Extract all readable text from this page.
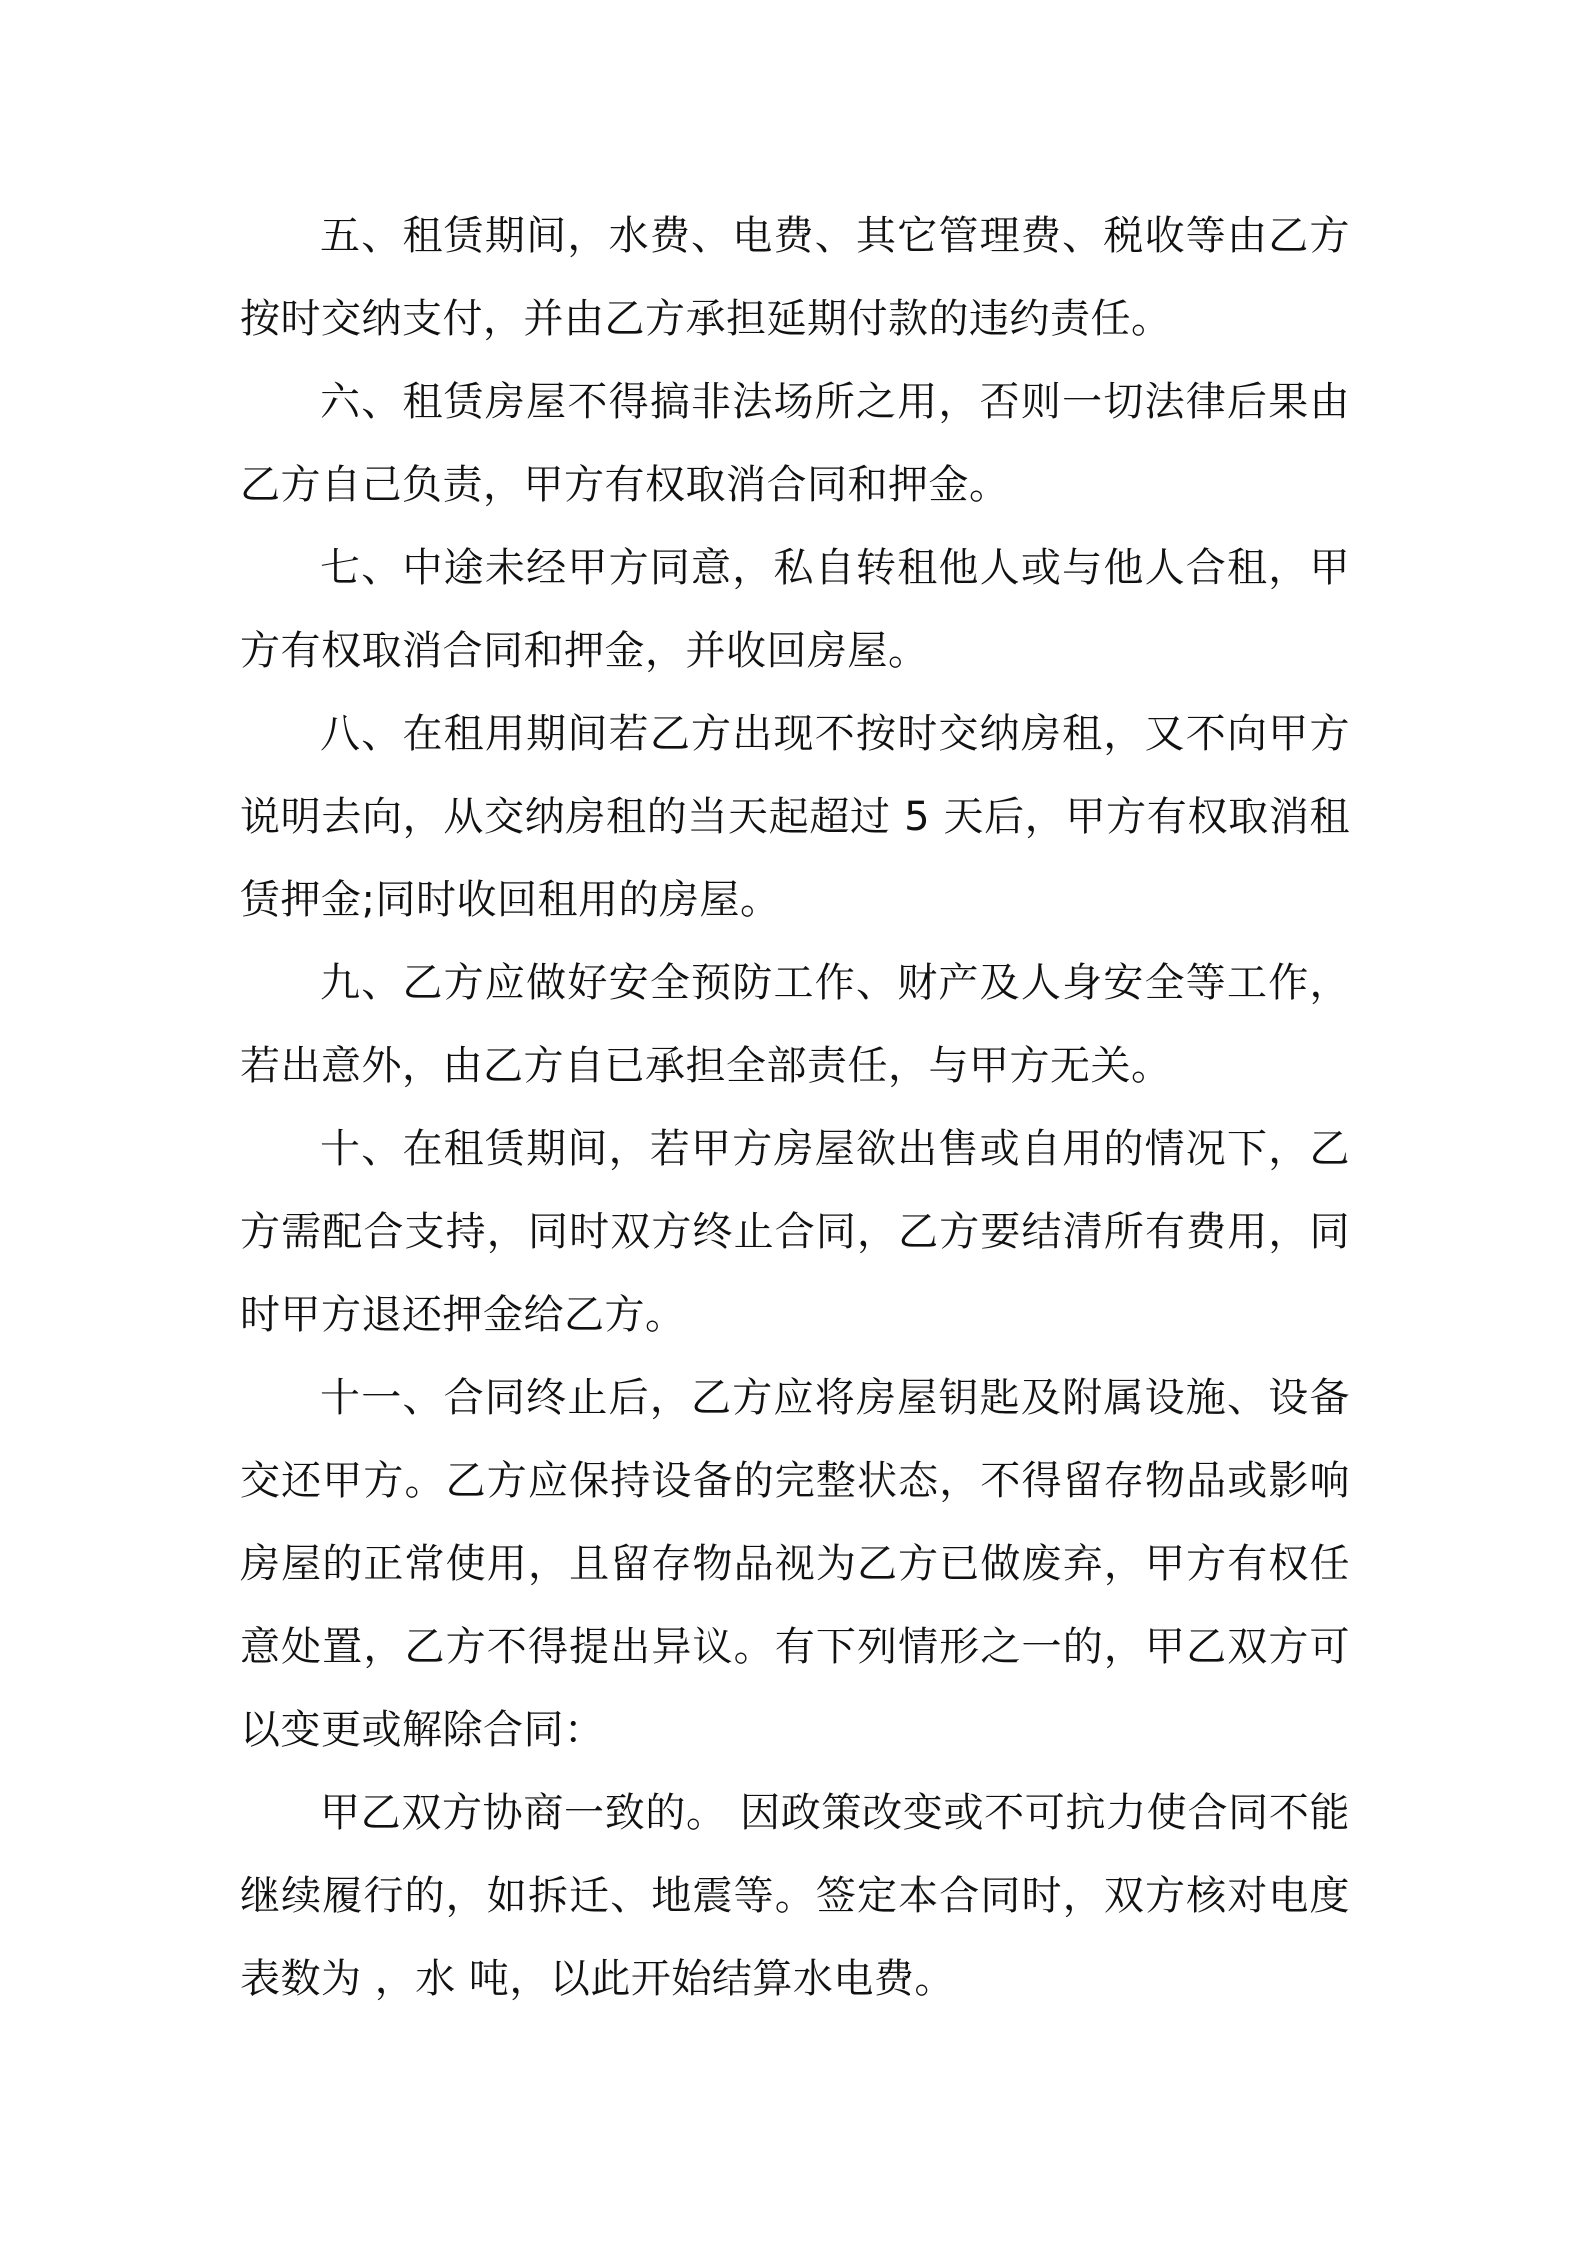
五、租赁期间，水费、电费、其它管理费、税收等由乙方按时交纳支付，并由乙方承担延期付款的违约责任。

六、租赁房屋不得搞非法场所之用，否则一切法律后果由乙方自己负责，甲方有权取消合同和押金。

七、中途未经甲方同意，私自转租他人或与他人合租，甲方有权取消合同和押金，并收回房屋。

八、在租用期间若乙方出现不按时交纳房租，又不向甲方说明去向，从交纳房租的当天起超过 5 天后，甲方有权取消租赁押金;同时收回租用的房屋。

九、乙方应做好安全预防工作、财产及人身安全等工作，若出意外，由乙方自已承担全部责任，与甲方无关。

十、在租赁期间，若甲方房屋欲出售或自用的情况下，乙方需配合支持，同时双方终止合同，乙方要结清所有费用，同时甲方退还押金给乙方。

十一、合同终止后，乙方应将房屋钥匙及附属设施、设备交还甲方。乙方应保持设备的完整状态，不得留存物品或影响房屋的正常使用，且留存物品视为乙方已做废弃，甲方有权任意处置，乙方不得提出异议。有下列情形之一的，甲乙双方可以变更或解除合同：

甲乙双方协商一致的。 因政策改变或不可抗力使合同不能继续履行的，如拆迁、地震等。签定本合同时，双方核对电度表数为 ，水 吨，以此开始结算水电费。
